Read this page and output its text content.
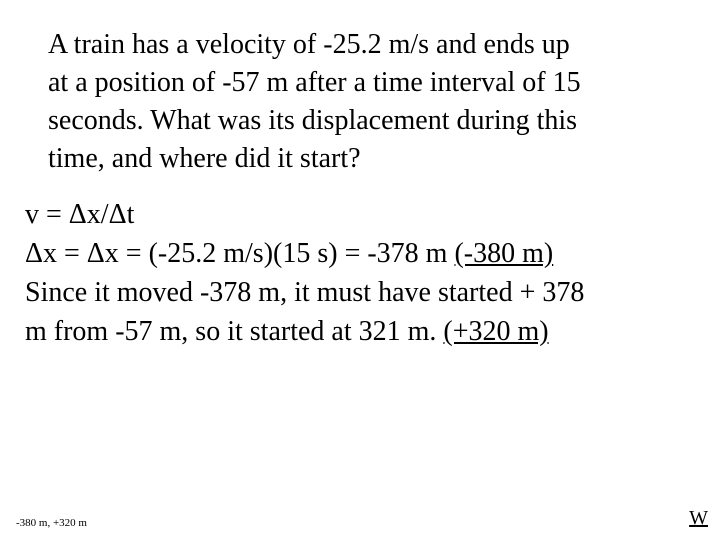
A train has a velocity of -25.2 m/s and ends up
at a position of -57 m after a time interval of 15
seconds. What was its displacement during this
time, and where did it start?

v = Δx/Δt
Δx = Δx = (-25.2 m/s)(15 s) = -378 m (-380 m)
Since it moved -378 m, it must have started + 378
m from -57 m, so it started at 321 m. (+320 m)
-380 m, +320 m	W
